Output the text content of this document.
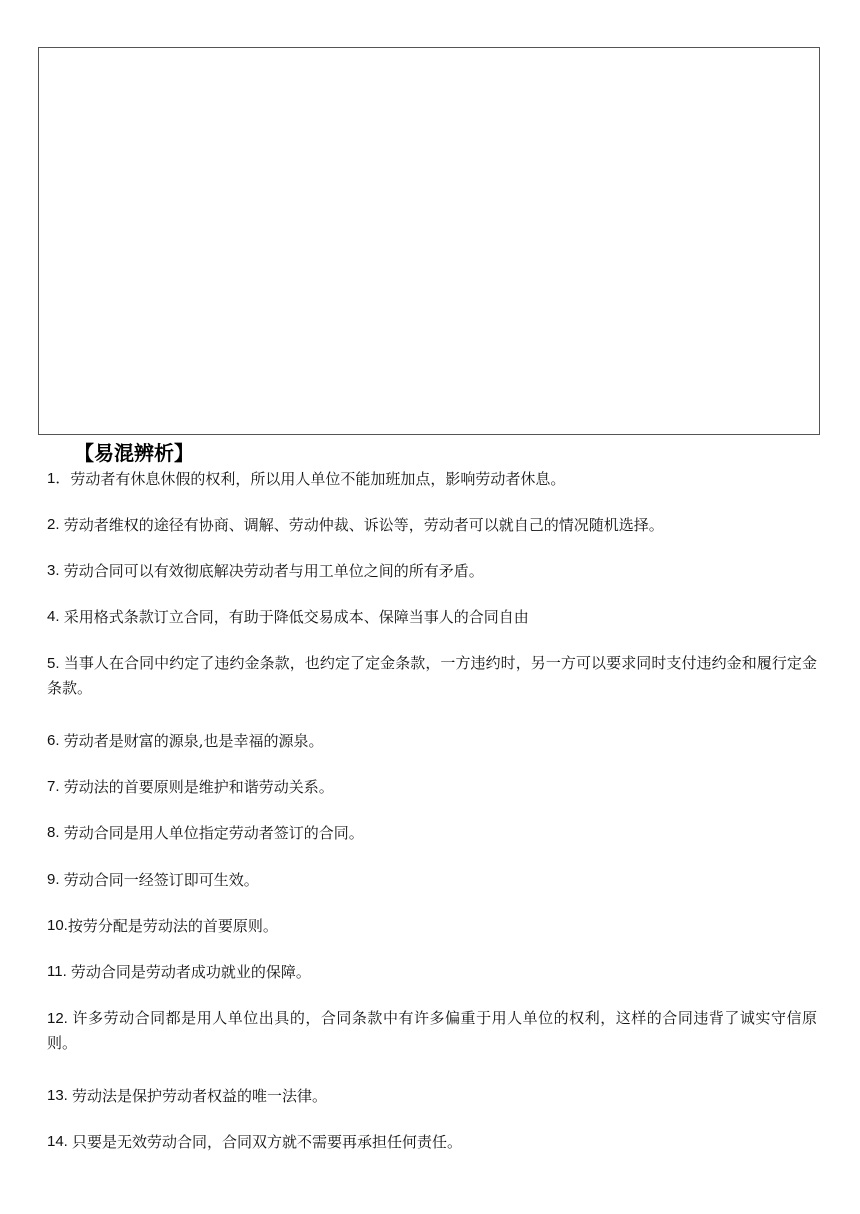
【易混辨析】

1． 劳动者有休息休假的权利，所以用人单位不能加班加点，影响劳动者休息。

2. 劳动者维权的途径有协商、调解、劳动仲裁、诉讼等，劳动者可以就自己的情况随机选择。

3. 劳动合同可以有效彻底解决劳动者与用工单位之间的所有矛盾。

4. 采用格式条款订立合同，有助于降低交易成本、保障当事人的合同自由

5. 当事人在合同中约定了违约金条款，也约定了定金条款，一方违约时，另一方可以要求同时支付违约金和履行定金条款。

6. 劳动者是财富的源泉,也是幸福的源泉。

7. 劳动法的首要原则是维护和谐劳动关系。

8. 劳动合同是用人单位指定劳动者签订的合同。

9. 劳动合同一经签订即可生效。

10. 按劳分配是劳动法的首要原则。

11. 劳动合同是劳动者成功就业的保障。

12. 许多劳动合同都是用人单位出具的，合同条款中有许多偏重于用人单位的权利，这样的合同违背了诚实守信原则。

13. 劳动法是保护劳动者权益的唯一法律。

14. 只要是无效劳动合同，合同双方就不需要再承担任何责任。
